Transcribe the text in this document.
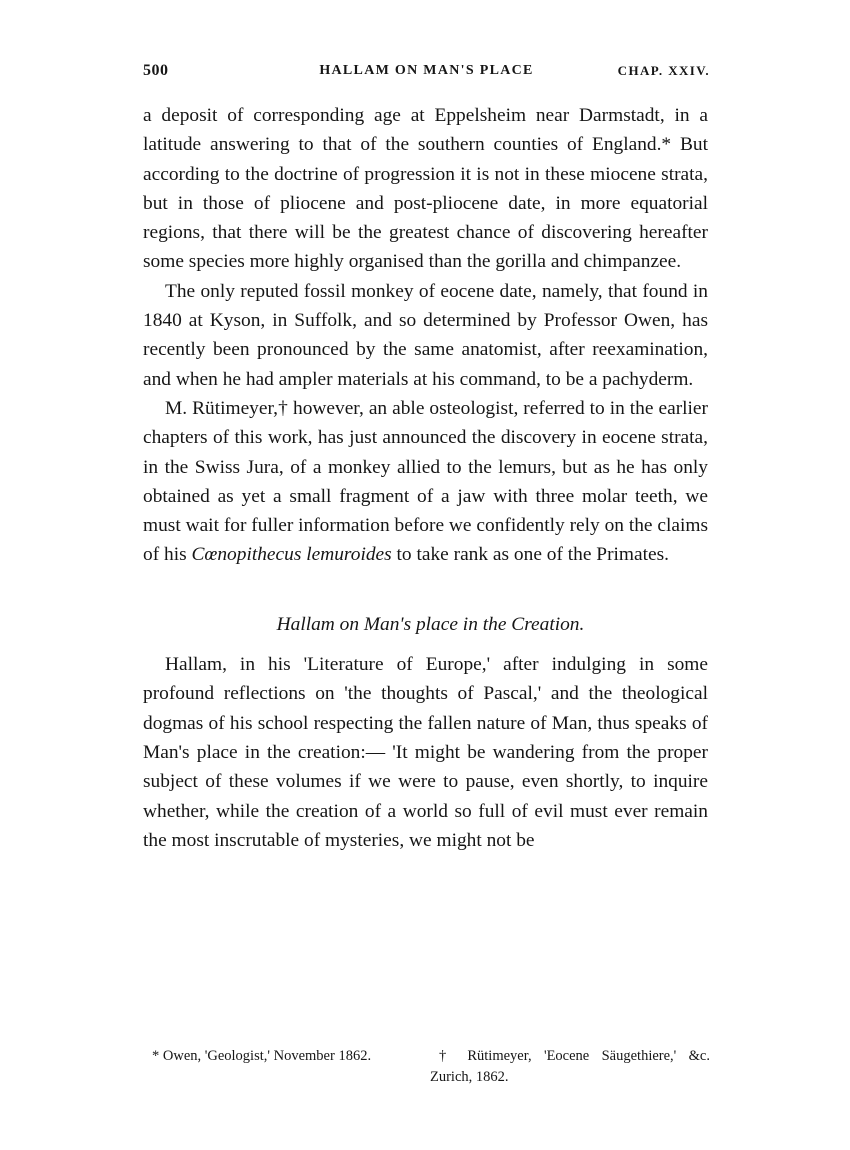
500	HALLAM ON MAN'S PLACE	CHAP. XXIV.

a deposit of corresponding age at Eppelsheim near Darmstadt, in a latitude answering to that of the southern counties of England.* But according to the doctrine of progression it is not in these miocene strata, but in those of pliocene and post-pliocene date, in more equatorial regions, that there will be the greatest chance of discovering hereafter some species more highly organised than the gorilla and chimpanzee.

The only reputed fossil monkey of eocene date, namely, that found in 1840 at Kyson, in Suffolk, and so determined by Professor Owen, has recently been pronounced by the same anatomist, after reexamination, and when he had ampler materials at his command, to be a pachyderm.

M. Rütimeyer,† however, an able osteologist, referred to in the earlier chapters of this work, has just announced the discovery in eocene strata, in the Swiss Jura, of a monkey allied to the lemurs, but as he has only obtained as yet a small fragment of a jaw with three molar teeth, we must wait for fuller information before we confidently rely on the claims of his Cœnopithecus lemuroides to take rank as one of the Primates.

Hallam on Man's place in the Creation.

Hallam, in his 'Literature of Europe,' after indulging in some profound reflections on 'the thoughts of Pascal,' and the theological dogmas of his school respecting the fallen nature of Man, thus speaks of Man's place in the creation:— 'It might be wandering from the proper subject of these volumes if we were to pause, even shortly, to inquire whether, while the creation of a world so full of evil must ever remain the most inscrutable of mysteries, we might not be

* Owen, 'Geologist,' November 1862.	† Rütimeyer, 'Eocene Säugethiere,' &c. Zurich, 1862.
